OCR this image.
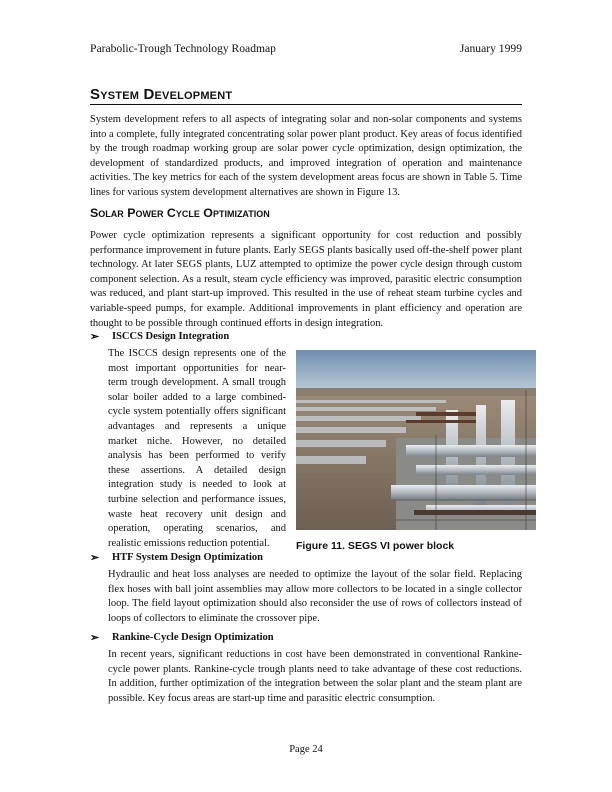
Parabolic-Trough Technology Roadmap	January 1999
System Development

System development refers to all aspects of integrating solar and non-solar components and systems into a complete, fully integrated concentrating solar power plant product. Key areas of focus identified by the trough roadmap working group are solar power cycle optimization, design optimization, the development of standardized products, and improved integration of operation and maintenance activities. The key metrics for each of the system development areas focus are shown in Table 5. Time lines for various system development alternatives are shown in Figure 13.

Solar Power Cycle Optimization

Power cycle optimization represents a significant opportunity for cost reduction and possibly performance improvement in future plants. Early SEGS plants basically used off-the-shelf power plant technology. At later SEGS plants, LUZ attempted to optimize the power cycle design through custom component selection. As a result, steam cycle efficiency was improved, parasitic electric consumption was reduced, and plant start-up improved. This resulted in the use of reheat steam turbine cycles and variable-speed pumps, for example. Additional improvements in plant efficiency and operation are thought to be possible through continued efforts in design integration.

➢	ISCCS Design Integration

The ISCCS design represents one of the most important opportunities for near-term trough development. A small trough solar boiler added to a large combined-cycle system potentially offers significant advantages and represents a unique market niche. However, no detailed analysis has been performed to verify these assertions. A detailed design integration study is needed to look at turbine selection and performance issues, waste heat recovery unit design and operation, operating scenarios, and realistic emissions reduction potential.	Figure 11. SEGS VI power block
➢	HTF System Design Optimization

Hydraulic and heat loss analyses are needed to optimize the layout of the solar field. Replacing flex hoses with ball joint assemblies may allow more collectors to be located in a single collector loop. The field layout optimization should also reconsider the use of rows of collectors instead of loops of collectors to eliminate the crossover pipe.

➢	Rankine-Cycle Design Optimization

In recent years, significant reductions in cost have been demonstrated in conventional Rankine-cycle power plants. Rankine-cycle trough plants need to take advantage of these cost reductions. In addition, further optimization of the integration between the solar plant and the steam plant are possible. Key focus areas are start-up time and parasitic electric consumption.

Page 24
